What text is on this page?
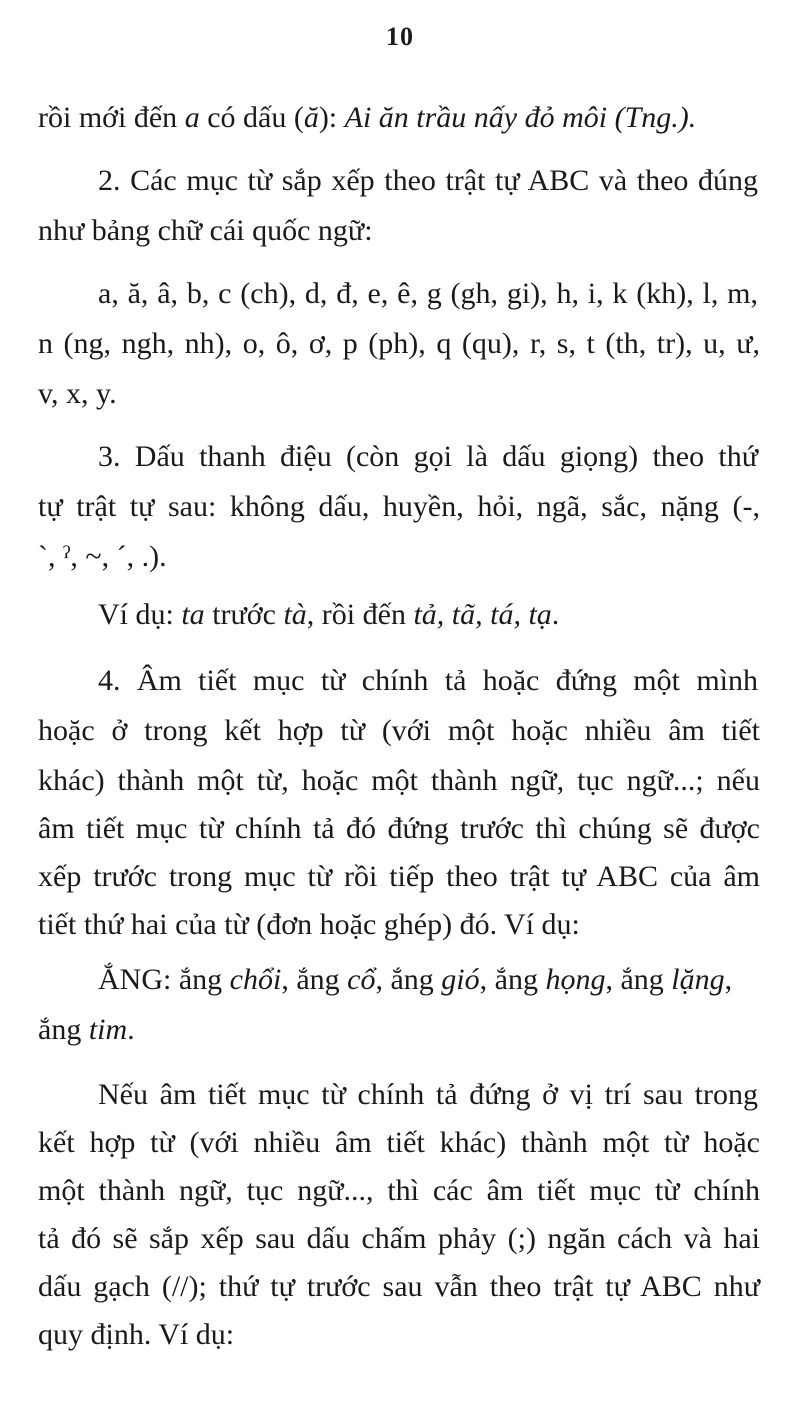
10
rồi mới đến a có dấu (ă): Ai ăn trầu nấy đỏ môi (Tng.).
2. Các mục từ sắp xếp theo trật tự ABC và theo đúng
như bảng chữ cái quốc ngữ:
a, ă, â, b, c (ch), d, đ, e, ê, g (gh, gi), h, i, k (kh), l, m,
n (ng, ngh, nh), o, ô, ơ, p (ph), q (qu), r, s, t (th, tr), u, ư,
v, x, y.
3. Dấu thanh điệu (còn gọi là dấu giọng) theo thứ
tự trật tự sau: không dấu, huyền, hỏi, ngã, sắc, nặng (-,
ˋ, ˀ, ~, ˊ, .).
Ví dụ: ta trước tà, rồi đến tả, tã, tá, tạ.
4. Âm tiết mục từ chính tả hoặc đứng một mình
hoặc ở trong kết hợp từ (với một hoặc nhiều âm tiết
khác) thành một từ, hoặc một thành ngữ, tục ngữ...; nếu
âm tiết mục từ chính tả đó đứng trước thì chúng sẽ được
xếp trước trong mục từ rồi tiếp theo trật tự ABC của âm
tiết thứ hai của từ (đơn hoặc ghép) đó. Ví dụ:
ẮNG: ắng chổi, ắng cổ, ắng gió, ắng họng, ắng lặng,
ắng tim.
Nếu âm tiết mục từ chính tả đứng ở vị trí sau trong
kết hợp từ (với nhiều âm tiết khác) thành một từ hoặc
một thành ngữ, tục ngữ..., thì các âm tiết mục từ chính
tả đó sẽ sắp xếp sau dấu chấm phảy (;) ngăn cách và hai
dấu gạch (//); thứ tự trước sau vẫn theo trật tự ABC như
quy định. Ví dụ:
